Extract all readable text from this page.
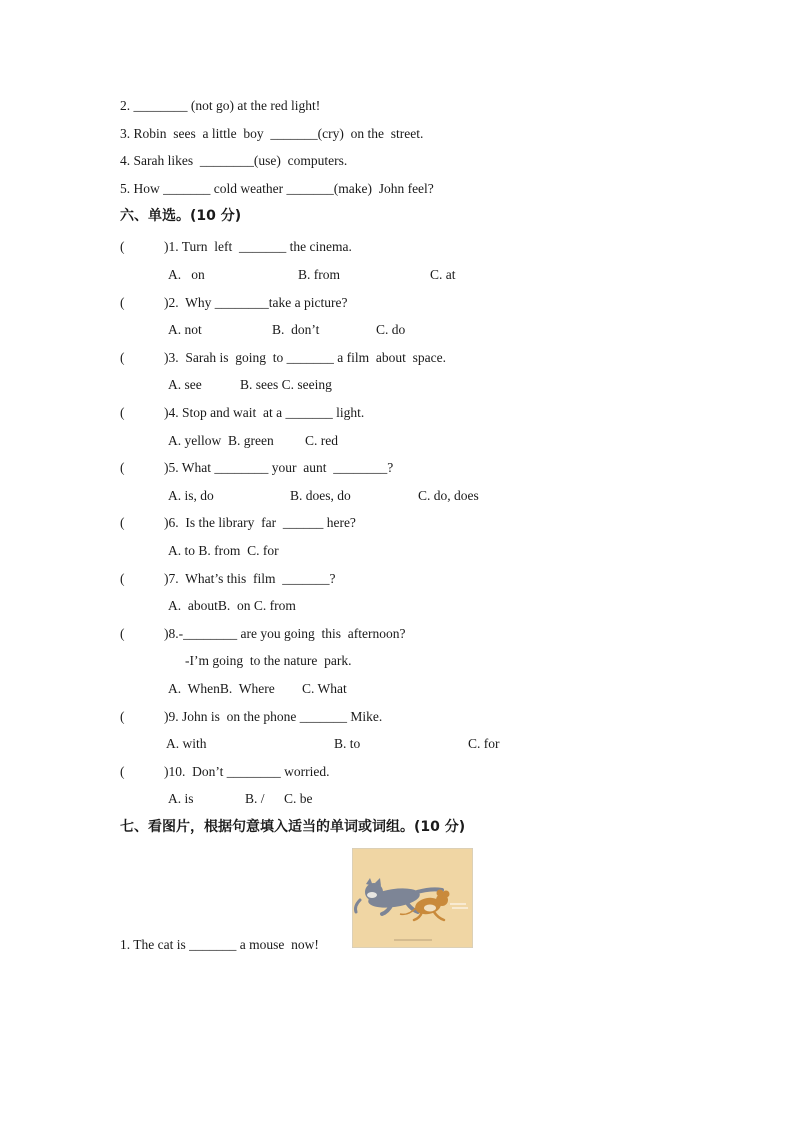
2. ________ (not go) at the red light!
3. Robin  sees  a little  boy  _______(cry)  on the  street.
4. Sarah likes  ________(use)  computers.
5. How _______ cold weather _______(make)  John feel?
六、单选。(10 分)
(	)1. Turn  left  _______ the cinema.
A.   on	B. from	C. at
(	)2.  Why ________take a picture?
A. not	B.  don’t	C. do
(	)3.  Sarah is  going  to _______ a film  about  space.
A. see	B. sees C. seeing
(	)4. Stop and wait  at a _______ light.
A. yellow  B. green C. red
(	)5. What ________ your  aunt  ________?
A. is, do	B. does, do	C. do, does
(	)6.  Is the library  far  ______ here?
A. to B. from  C. for
(	)7.  What’s this  film  _______?
A.  aboutB.  on C. from
(	)8.-________ are you going  this  afternoon?
-I’m going  to the nature  park.
A.  WhenB.  Where C. What
(	)9. John is  on the phone _______ Mike.
A. with	B. to	C. for
(	)10.  Don’t ________ worried.
A. is	B. / C. be
七、看图片，根据句意填入适当的单词或词组。(10 分)
1. The cat is _______ a mouse  now!
